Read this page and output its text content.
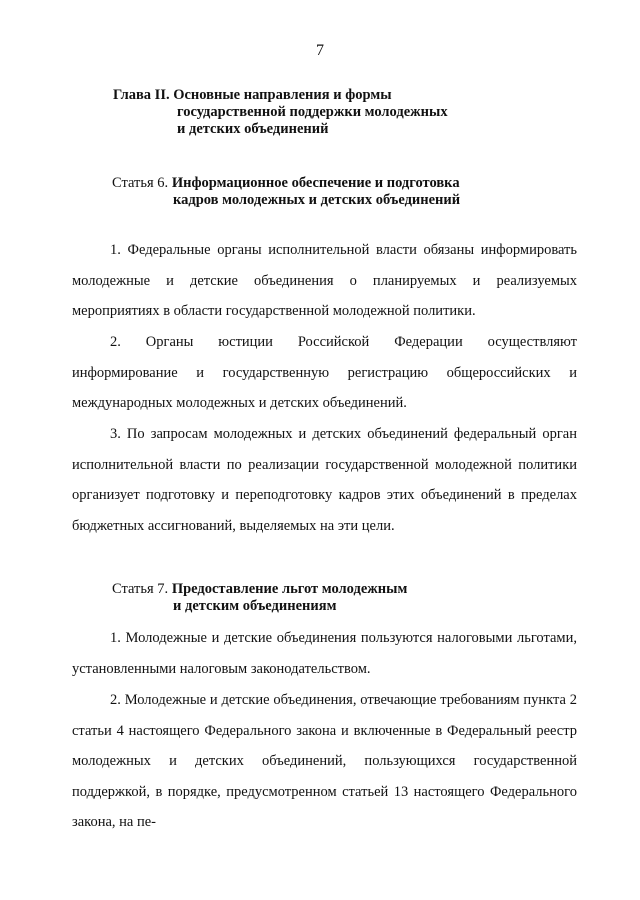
7
Глава II. Основные направления и формы
государственной поддержки молодежных
и детских объединений
Статья 6. Информационное обеспечение и подготовка
кадров молодежных и детских объединений

1. Федеральные органы исполнительной власти обязаны информировать молодежные и детские объединения о планируемых и реализуемых мероприятиях в области государственной молодежной политики.

2. Органы юстиции Российской Федерации осуществляют информирование и государственную регистрацию общероссийских и международных молодежных и детских объединений.

3. По запросам молодежных и детских объединений федеральный орган исполнительной власти по реализации государственной молодежной политики организует подготовку и переподготовку кадров этих объединений в пределах бюджетных ассигнований, выделяемых на эти цели.

Статья 7. Предоставление льгот молодежным
и детским объединениям

1. Молодежные и детские объединения пользуются налоговыми льготами, установленными налоговым законодательством.

2. Молодежные и детские объединения, отвечающие требованиям пункта 2 статьи 4 настоящего Федерального закона и включенные в Федеральный реестр молодежных и детских объединений, пользующихся государственной поддержкой, в порядке, предусмотренном статьей 13 настоящего Федерального закона, на пе-
